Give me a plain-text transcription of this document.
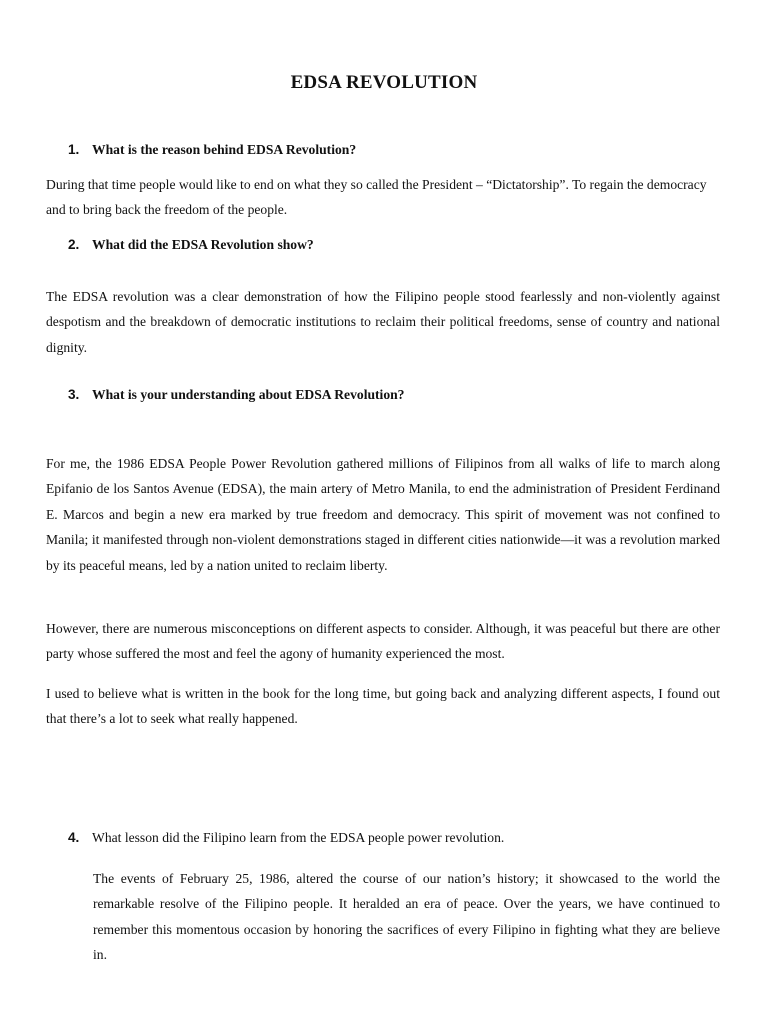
EDSA REVOLUTION
1. What is the reason behind EDSA Revolution?
During that time people would like to end on what they so called the President – “Dictatorship”. To regain the democracy and to bring back the freedom of the people.
2. What did the EDSA Revolution show?
The EDSA revolution was a clear demonstration of how the Filipino people stood fearlessly and non-violently against despotism and the breakdown of democratic institutions to reclaim their political freedoms, sense of country and national dignity.
3. What is your understanding about EDSA Revolution?
For me, the 1986 EDSA People Power Revolution gathered millions of Filipinos from all walks of life to march along Epifanio de los Santos Avenue (EDSA), the main artery of Metro Manila, to end the administration of President Ferdinand E. Marcos and begin a new era marked by true freedom and democracy. This spirit of movement was not confined to Manila; it manifested through non-violent demonstrations staged in different cities nationwide—it was a revolution marked by its peaceful means, led by a nation united to reclaim liberty.
However, there are numerous misconceptions on different aspects to consider. Although, it was peaceful but there are other party whose suffered the most and feel the agony of humanity experienced the most.
I used to believe what is written in the book for the long time, but going back and analyzing different aspects, I found out that there’s a lot to seek what really happened.
4. What lesson did the Filipino learn from the EDSA people power revolution.
The events of February 25, 1986, altered the course of our nation’s history; it showcased to the world the remarkable resolve of the Filipino people. It heralded an era of peace. Over the years, we have continued to remember this momentous occasion by honoring the sacrifices of every Filipino in fighting what they are believe in.
